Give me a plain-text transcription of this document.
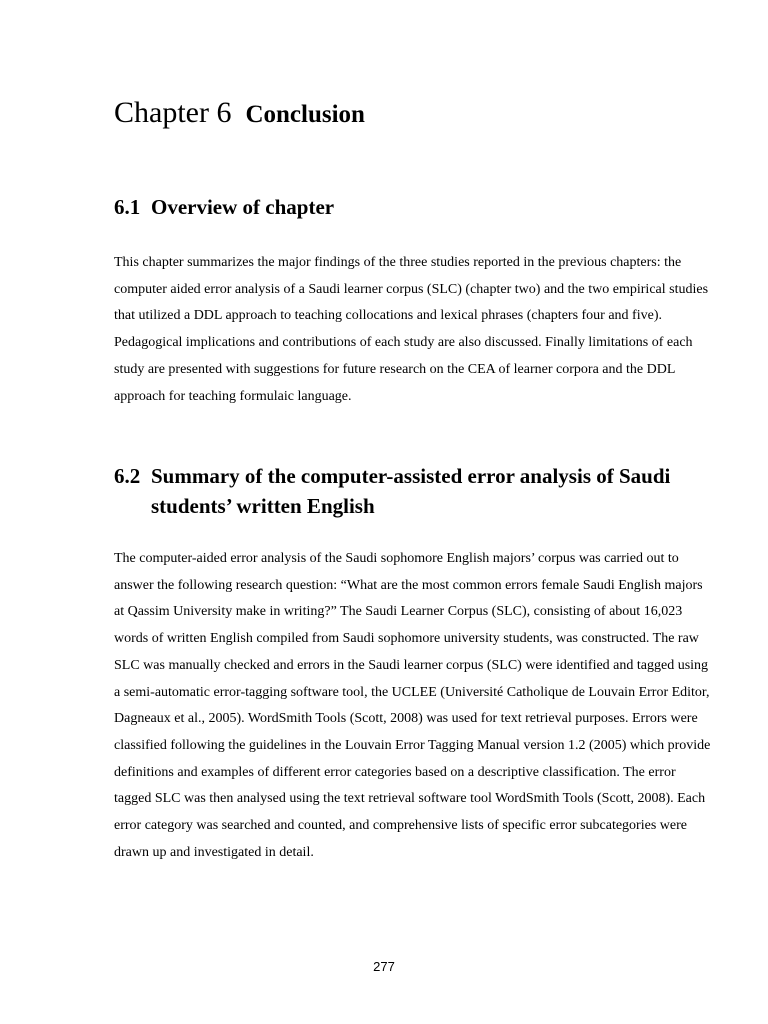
Chapter 6 Conclusion
6.1 Overview of chapter

This chapter summarizes the major findings of the three studies reported in the previous chapters: the computer aided error analysis of a Saudi learner corpus (SLC) (chapter two) and the two empirical studies that utilized a DDL approach to teaching collocations and lexical phrases (chapters four and five). Pedagogical implications and contributions of each study are also discussed. Finally limitations of each study are presented with suggestions for future research on the CEA of learner corpora and the DDL approach for teaching formulaic language.

6.2 Summary of the computer-assisted error analysis of Saudi students’ written English

The computer-aided error analysis of the Saudi sophomore English majors’ corpus was carried out to answer the following research question: “What are the most common errors female Saudi English majors at Qassim University make in writing?” The Saudi Learner Corpus (SLC), consisting of about 16,023 words of written English compiled from Saudi sophomore university students, was constructed. The raw SLC was manually checked and errors in the Saudi learner corpus (SLC) were identified and tagged using a semi-automatic error-tagging software tool, the UCLEE (Université Catholique de Louvain Error Editor, Dagneaux et al., 2005). WordSmith Tools (Scott, 2008) was used for text retrieval purposes. Errors were classified following the guidelines in the Louvain Error Tagging Manual version 1.2 (2005) which provide definitions and examples of different error categories based on a descriptive classification. The error tagged SLC was then analysed using the text retrieval software tool WordSmith Tools (Scott, 2008). Each error category was searched and counted, and comprehensive lists of specific error subcategories were drawn up and investigated in detail.

277
